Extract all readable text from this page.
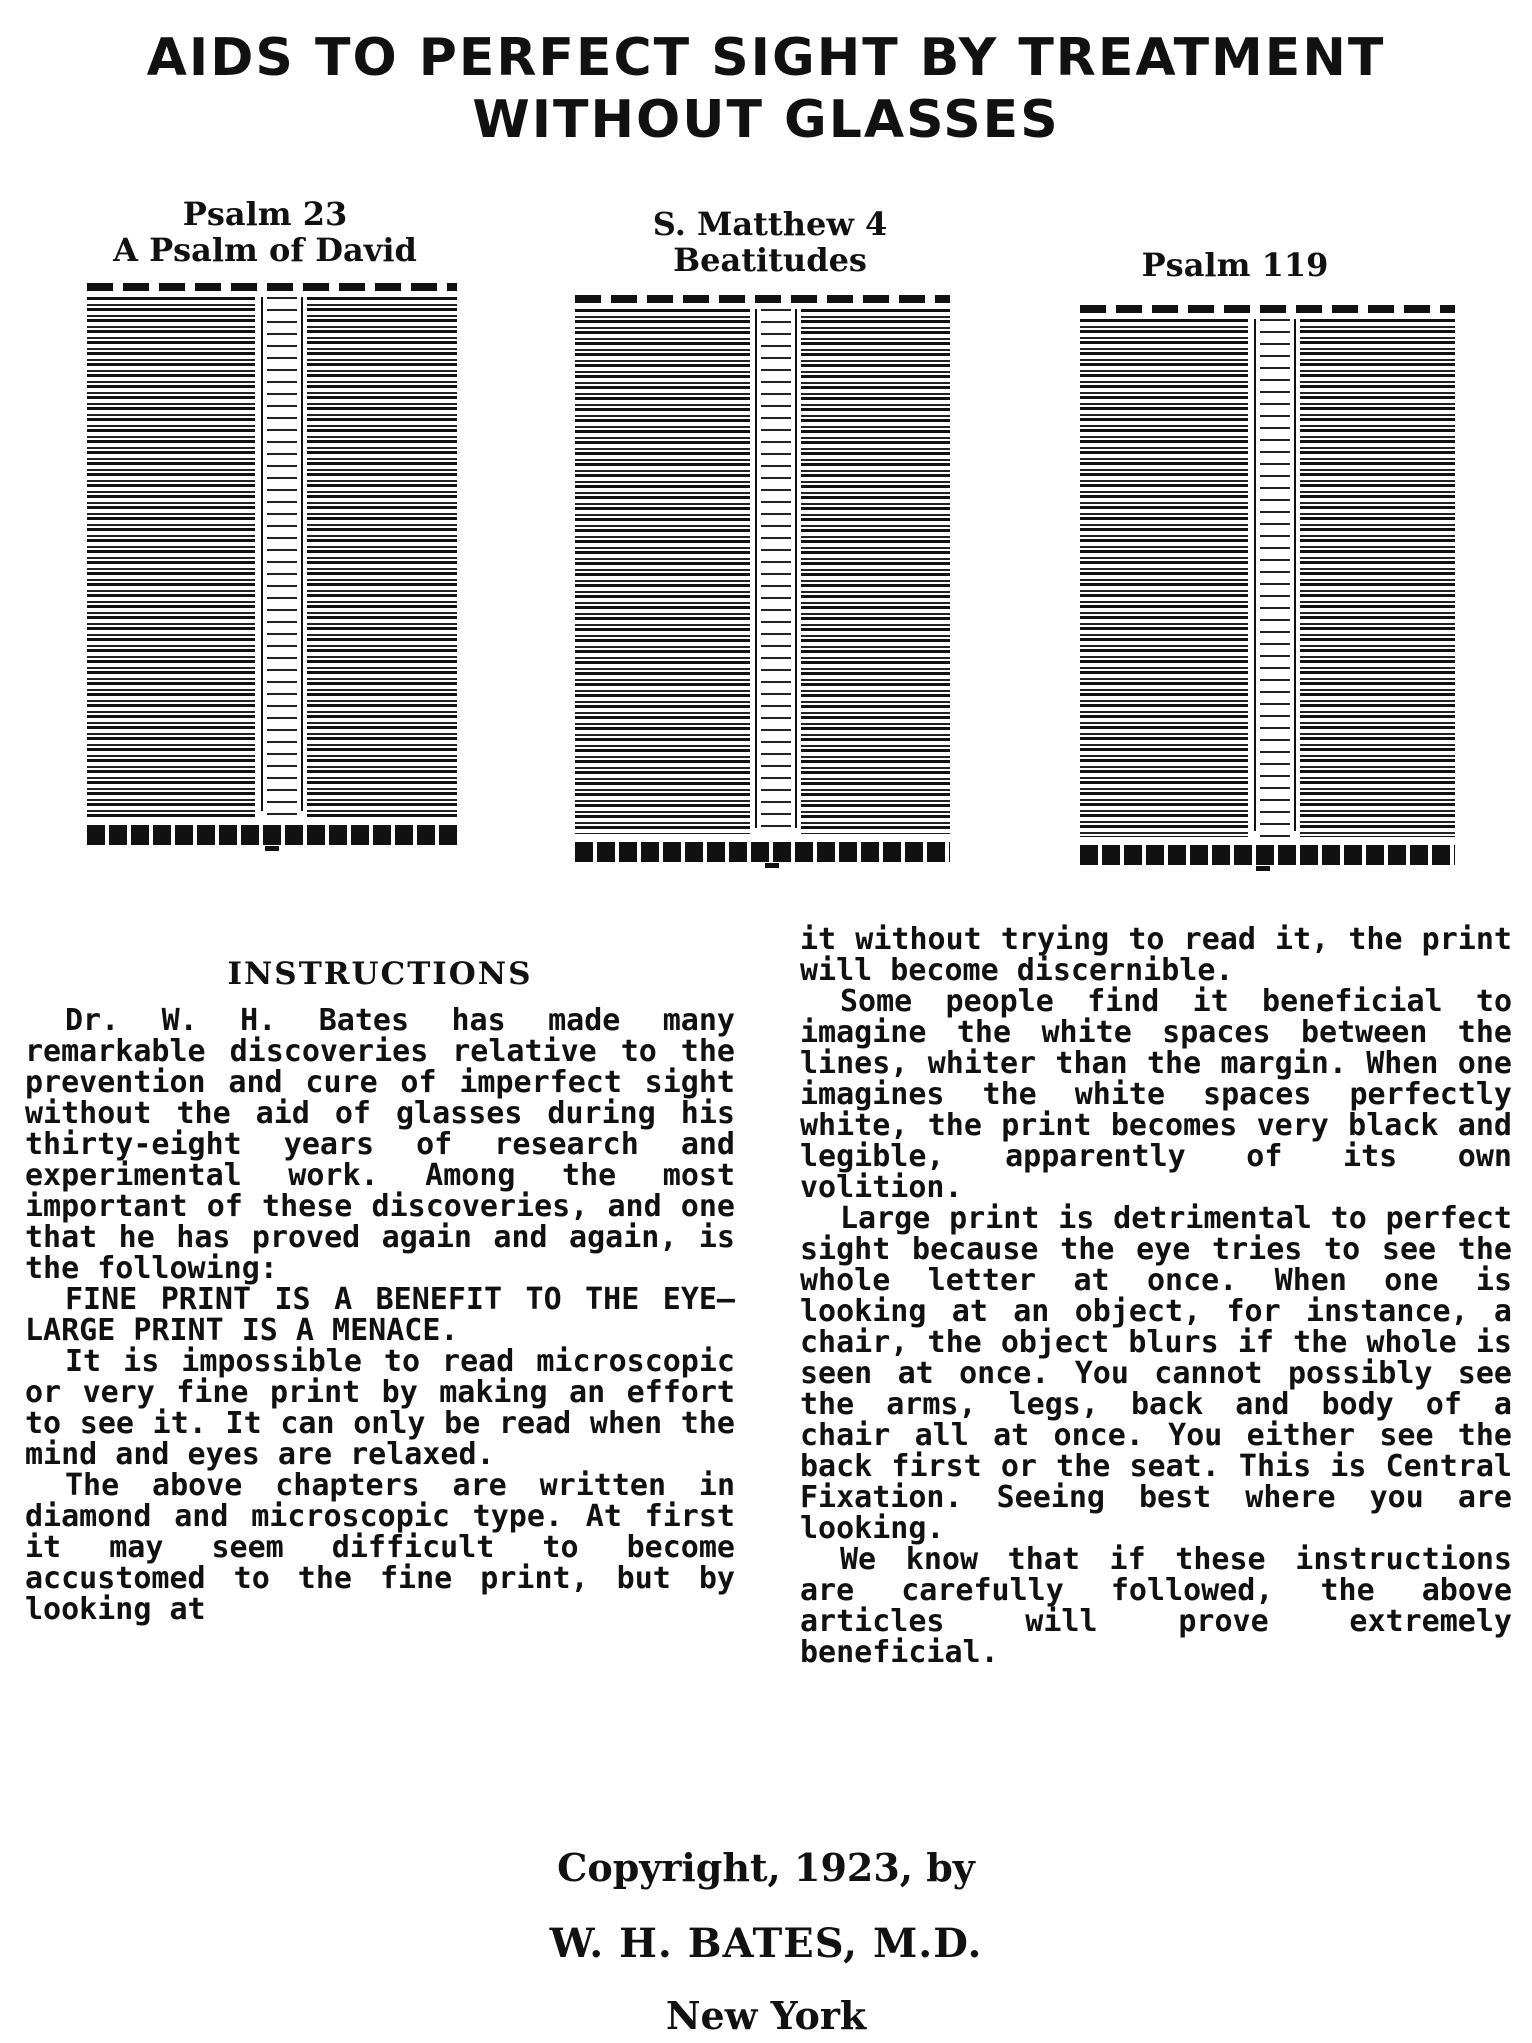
AIDS TO PERFECT SIGHT BY TREATMENT
WITHOUT GLASSES
Psalm 23
A Psalm of David
S. Matthew 4
Beatitudes	Psalm 119
INSTRUCTIONS

Dr. W. H. Bates has made many remarkable discoveries relative to the prevention and cure of imperfect sight without the aid of glasses during his thirty-eight years of research and experimental work. Among the most important of these discoveries, and one that he has proved again and again, is the following:

FINE PRINT IS A BENEFIT TO THE EYE—LARGE PRINT IS A MENACE.

It is impossible to read microscopic or very fine print by making an effort to see it. It can only be read when the mind and eyes are relaxed.

The above chapters are written in diamond and microscopic type. At first it may seem difficult to become accustomed to the fine print, but by looking at

it without trying to read it, the print will become discernible.

Some people find it beneficial to imagine the white spaces between the lines, whiter than the margin. When one imagines the white spaces perfectly white, the print becomes very black and legible, apparently of its own volition.

Large print is detrimental to perfect sight because the eye tries to see the whole letter at once. When one is looking at an object, for instance, a chair, the object blurs if the whole is seen at once. You cannot possibly see the arms, legs, back and body of a chair all at once. You either see the back first or the seat. This is Central Fixation. Seeing best where you are looking.

We know that if these instructions are carefully followed, the above articles will prove extremely beneficial.

Copyright, 1923, by
W. H. BATES, M.D.
New York
